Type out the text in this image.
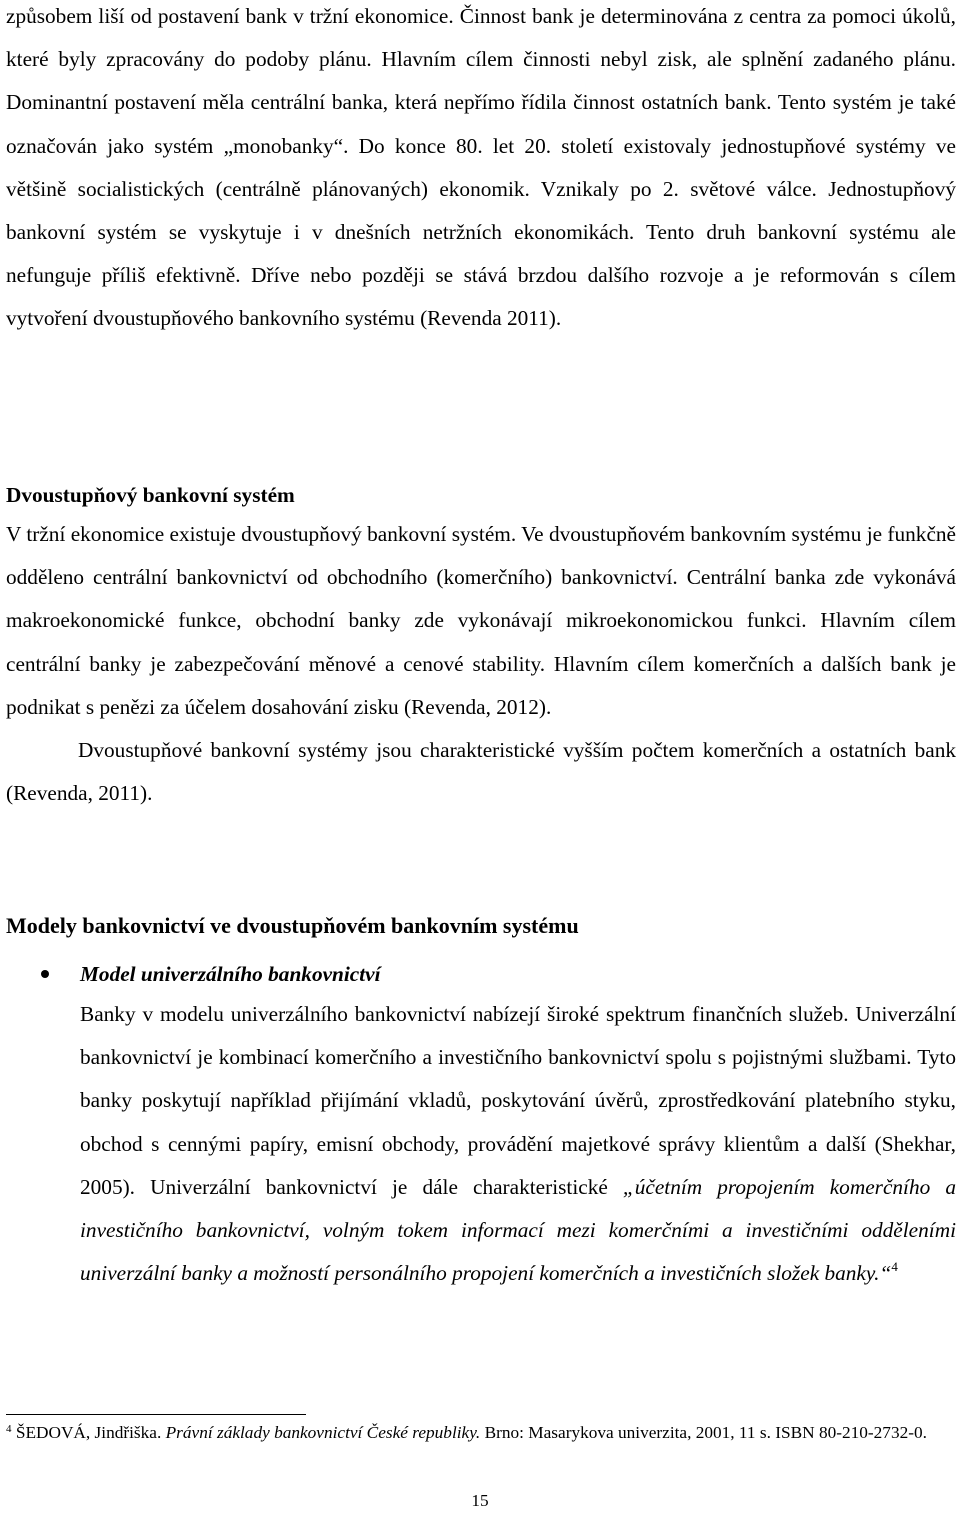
způsobem liší od postavení bank v tržní ekonomice. Činnost bank je determinována z centra za pomoci úkolů, které byly zpracovány do podoby plánu. Hlavním cílem činnosti nebyl zisk, ale splnění zadaného plánu. Dominantní postavení měla centrální banka, která nepřímo řídila činnost ostatních bank. Tento systém je také označován jako systém „monobanky“. Do konce 80. let 20. století existovaly jednostupňové systémy ve většině socialistických (centrálně plánovaných) ekonomik. Vznikaly po 2. světové válce. Jednostupňový bankovní systém se vyskytuje i v dnešních netržních ekonomikách. Tento druh bankovní systému ale nefunguje příliš efektivně. Dříve nebo později se stává brzdou dalšího rozvoje a je reformován s cílem vytvoření dvoustupňového bankovního systému (Revenda 2011).
Dvoustupňový bankovní systém
V tržní ekonomice existuje dvoustupňový bankovní systém. Ve dvoustupňovém bankovním systému je funkčně odděleno centrální bankovnictví od obchodního (komerčního) bankovnictví. Centrální banka zde vykonává makroekonomické funkce, obchodní banky zde vykonávají mikroekonomickou funkci. Hlavním cílem centrální banky je zabezpečování měnové a cenové stability. Hlavním cílem komerčních a dalších bank je podnikat s penězi za účelem dosahování zisku (Revenda, 2012).
Dvoustupňové bankovní systémy jsou charakteristické vyšším počtem komerčních a ostatních bank (Revenda, 2011).
Modely bankovnictví ve dvoustupňovém bankovním systému
Model univerzálního bankovnictví
Banky v modelu univerzálního bankovnictví nabízejí široké spektrum finančních služeb. Univerzální bankovnictví je kombinací komerčního a investičního bankovnictví spolu s pojistnými službami. Tyto banky poskytují například přijímání vkladů, poskytování úvěrů, zprostředkování platebního styku, obchod s cennými papíry, emisní obchody, provádění majetkové správy klientům a další (Shekhar, 2005). Univerzální bankovnictví je dále charakteristické „účetním propojením komerčního a investičního bankovnictví, volným tokem informací mezi komerčními a investičními odděleními univerzální banky a možností personálního propojení komerčních a investičních složek banky.“$^4$
$^4$ ŠEDOVÁ, Jindřiška. Právní základy bankovnictví České republiky. Brno: Masarykova univerzita, 2001, 11 s. ISBN 80-210-2732-0.
15
